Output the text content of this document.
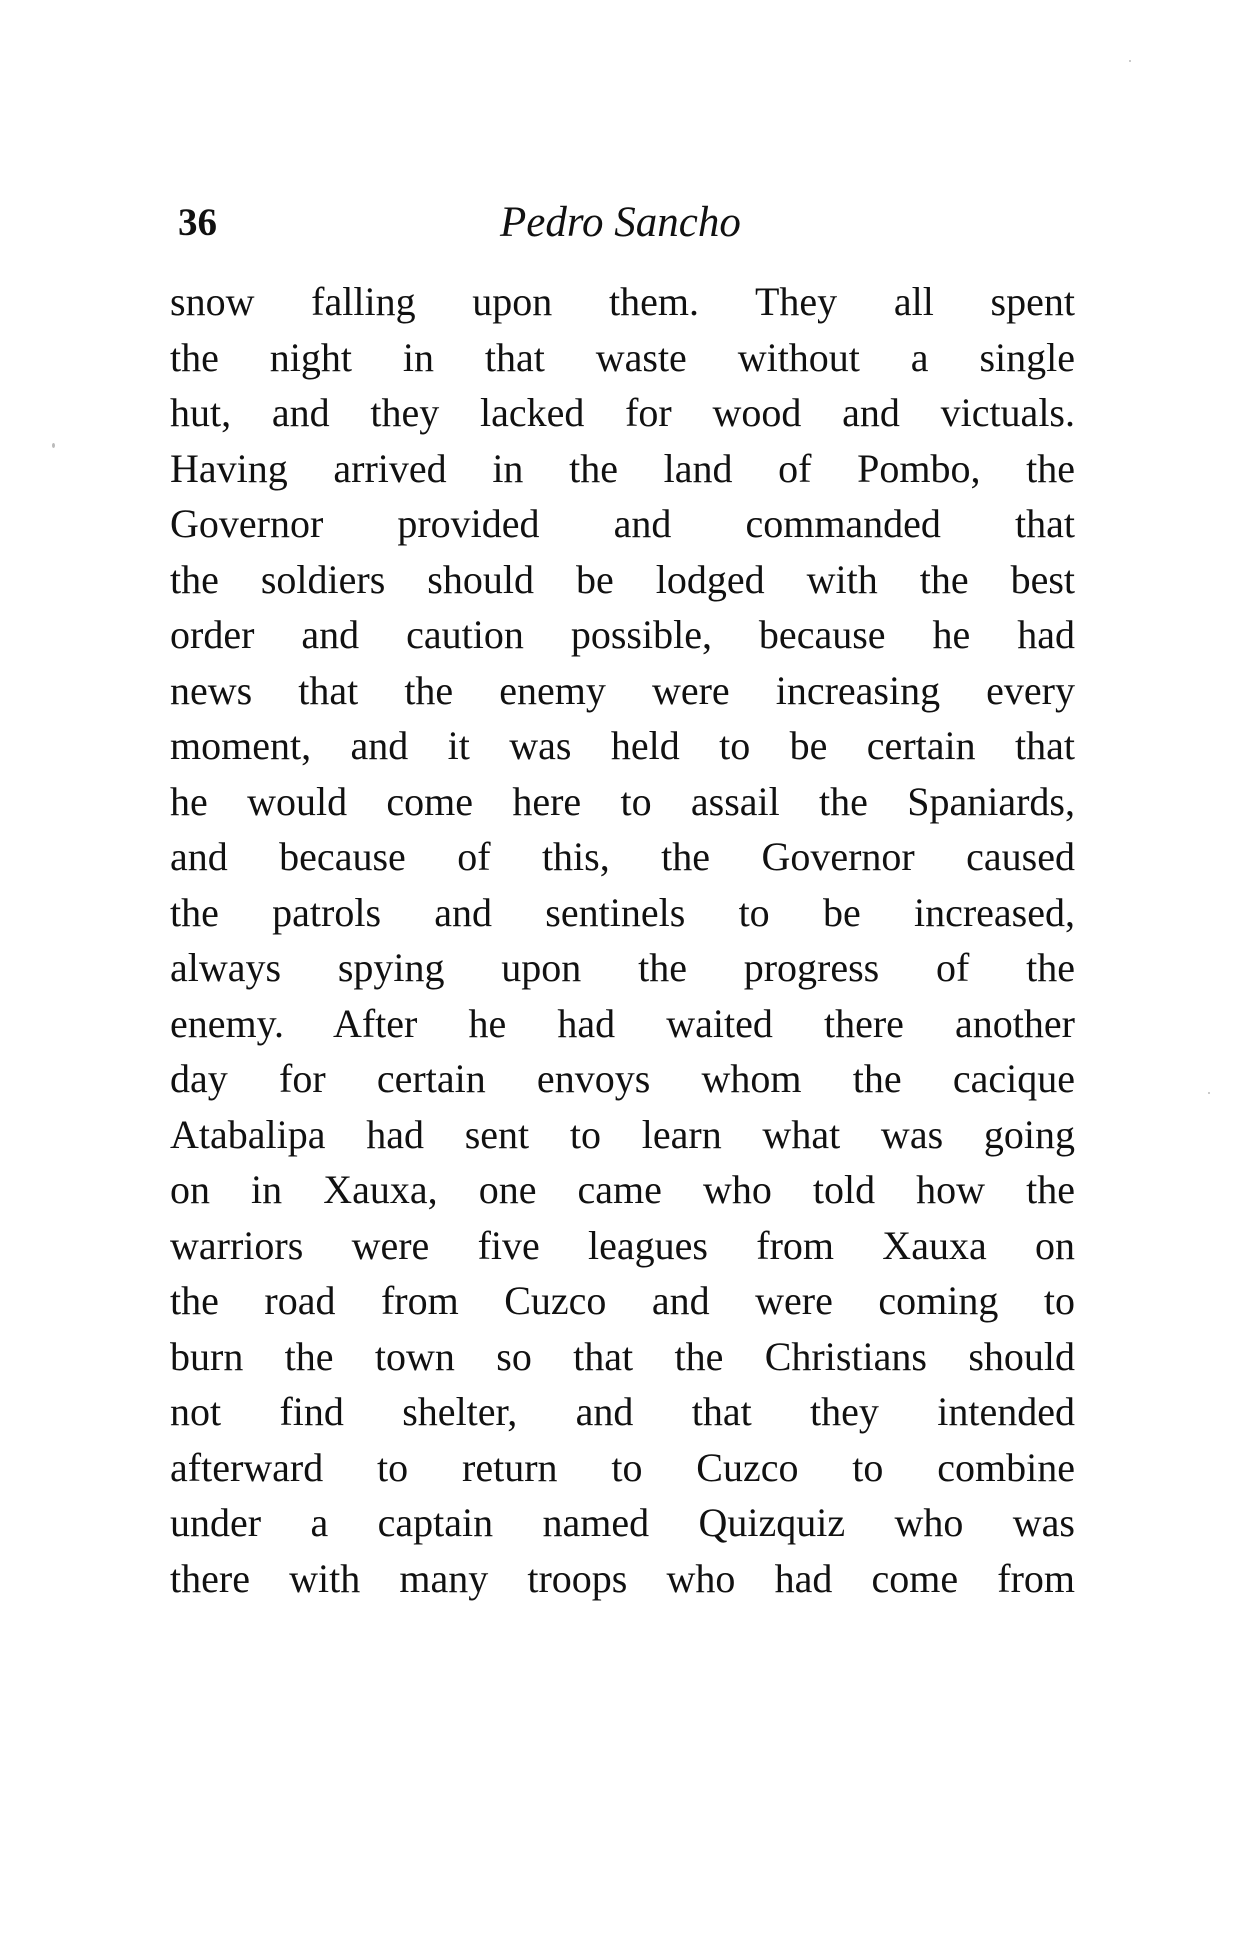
36	Pedro Sancho
snow falling upon them. They all spent
the night in that waste without a single
hut, and they lacked for wood and victuals.
Having arrived in the land of Pombo, the
Governor provided and commanded that
the soldiers should be lodged with the best
order and caution possible, because he had
news that the enemy were increasing every
moment, and it was held to be certain that
he would come here to assail the Spaniards,
and because of this, the Governor caused
the patrols and sentinels to be increased,
always spying upon the progress of the
enemy. After he had waited there another
day for certain envoys whom the cacique
Atabalipa had sent to learn what was going
on in Xauxa, one came who told how the
warriors were five leagues from Xauxa on
the road from Cuzco and were coming to
burn the town so that the Christians should
not find shelter, and that they intended
afterward to return to Cuzco to combine
under a captain named Quizquiz who was
there with many troops who had come from
